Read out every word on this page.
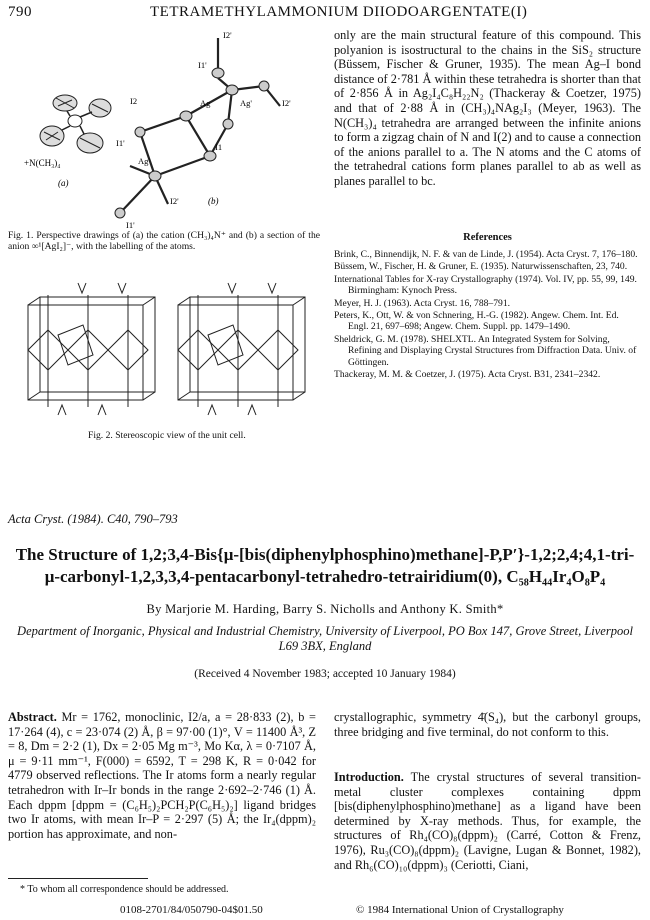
790	TETRAMETHYLAMMONIUM DIIODOARGENTATE(I)
+N(CH₃)₄
(a)
I2'
I1'
I2	Ag	Ag'	I2'
I1'
Ag'
I1
I2'
I1'
(b)
Fig. 1. Perspective drawings of (a) the cation (CH₃)₄N⁺ and (b) a section of the anion ∞¹[AgI₂]⁻, with the labelling of the atoms.
Fig. 2. Stereoscopic view of the unit cell.
only are the main structural feature of this compound. This polyanion is isostructural to the chains in the SiS₂ structure (Büssem, Fischer & Gruner, 1935). The mean Ag–I bond distance of 2·781 Å within these tetrahedra is shorter than that of 2·856 Å in Ag₂I₄C₈H₂₂N₂ (Thackeray & Coetzer, 1975) and that of 2·88 Å in (CH₃)₄NAg₂I₃ (Meyer, 1963). The N(CH₃)₄ tetrahedra are arranged between the infinite anions to form a zigzag chain of N and I(2) and to cause a connection of the anions parallel to a. The N atoms and the C atoms of the tetrahedral cations form planes parallel to ab as well as planes parallel to bc.
References

Brink, C., Binnendijk, N. F. & van de Linde, J. (1954). Acta Cryst. 7, 176–180.

Büssem, W., Fischer, H. & Gruner, E. (1935). Naturwissenschaften, 23, 740.

International Tables for X-ray Crystallography (1974). Vol. IV, pp. 55, 99, 149. Birmingham: Kynoch Press.

Meyer, H. J. (1963). Acta Cryst. 16, 788–791.

Peters, K., Ott, W. & von Schnering, H.-G. (1982). Angew. Chem. Int. Ed. Engl. 21, 697–698; Angew. Chem. Suppl. pp. 1479–1490.

Sheldrick, G. M. (1978). SHELXTL. An Integrated System for Solving, Refining and Displaying Crystal Structures from Diffraction Data. Univ. of Göttingen.

Thackeray, M. M. & Coetzer, J. (1975). Acta Cryst. B31, 2341–2342.

Acta Cryst. (1984). C40, 790–793
The Structure of 1,2;3,4-Bis{μ-[bis(diphenylphosphino)methane]-P,P′}-1,2;2,4;4,1-tri-μ-carbonyl-1,2,3,3,4-pentacarbonyl-tetrahedro-tetrairidium(0), C₅₈H₄₄Ir₄O₈P₄
By Marjorie M. Harding, Barry S. Nicholls and Anthony K. Smith*
Department of Inorganic, Physical and Industrial Chemistry, University of Liverpool, PO Box 147, Grove Street, Liverpool L69 3BX, England
(Received 4 November 1983; accepted 10 January 1984)
Abstract. Mr = 1762, monoclinic, I2/a, a = 28·833 (2), b = 17·264 (4), c = 23·074 (2) Å, β = 97·00 (1)°, V = 11400 Å³, Z = 8, Dm = 2·2 (1), Dx = 2·05 Mg m⁻³, Mo Kα, λ = 0·7107 Å, μ = 9·11 mm⁻¹, F(000) = 6592, T = 298 K, R = 0·042 for 4779 observed reflections. The Ir atoms form a nearly regular tetrahedron with Ir–Ir bonds in the range 2·692–2·746 (1) Å. Each dppm [dppm = (C₆H₅)₂PCH₂P(C₆H₅)₂] ligand bridges two Ir atoms, with mean Ir–P = 2·297 (5) Å; the Ir₄(dppm)₂ portion has approximate, and non-
crystallographic, symmetry 4̄(S₄), but the carbonyl groups, three bridging and five terminal, do not conform to this.
Introduction. The crystal structures of several transition-metal cluster complexes containing dppm [bis(diphenylphosphino)methane] as a ligand have been determined by X-ray methods. Thus, for example, the structures of Rh₄(CO)₈(dppm)₂ (Carré, Cotton & Frenz, 1976), Ru₃(CO)₈(dppm)₂ (Lavigne, Lugan & Bonnet, 1982), and Rh₆(CO)₁₀(dppm)₃ (Ceriotti, Ciani,
* To whom all correspondence should be addressed.
0108-2701/84/050790-04$01.50	© 1984 International Union of Crystallography
